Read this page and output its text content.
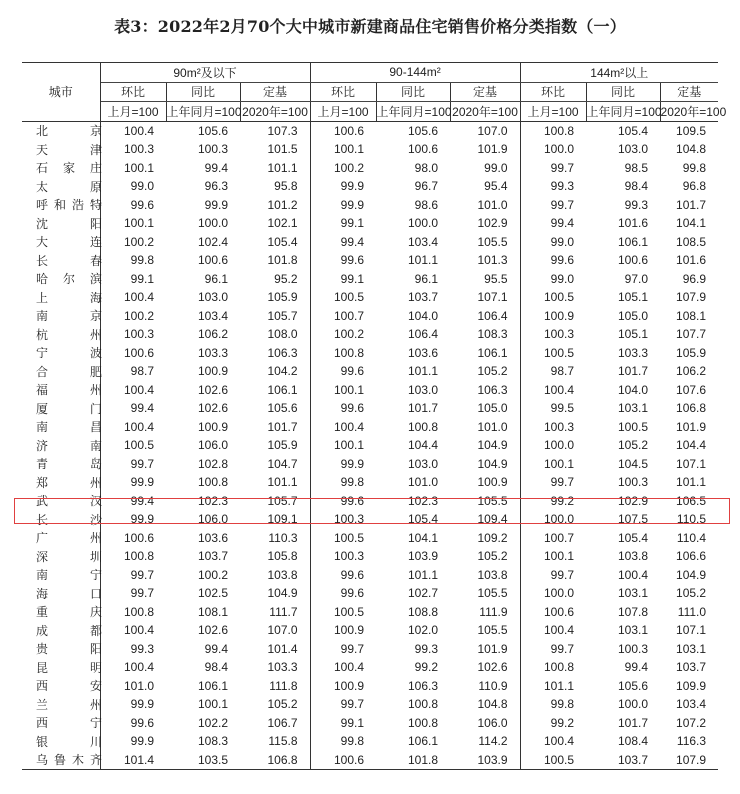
表3：2022年2月70个大中城市新建商品住宅销售价格分类指数（一）
城市	90m²及以下			90-144m²			144m²以上		
	环比	同比	定基	环比	同比	定基	环比	同比	定基
	上月=100	上年同月=100	2020年=100	上月=100	上年同月=100	2020年=100	上月=100	上年同月=100	2020年=100
北京	100.4	105.6	107.3	100.6	105.6	107.0	100.8	105.4	109.5
天津	100.3	100.3	101.5	100.1	100.6	101.9	100.0	103.0	104.8
石家庄	100.1	99.4	101.1	100.2	98.0	99.0	99.7	98.5	99.8
太原	99.0	96.3	95.8	99.9	96.7	95.4	99.3	98.4	96.8
呼和浩特	99.6	99.9	101.2	99.9	98.6	101.0	99.7	99.3	101.7
沈阳	100.1	100.0	102.1	99.1	100.0	102.9	99.4	101.6	104.1
大连	100.2	102.4	105.4	99.4	103.4	105.5	99.0	106.1	108.5
长春	99.8	100.6	101.8	99.6	101.1	101.3	99.6	100.6	101.6
哈尔滨	99.1	96.1	95.2	99.1	96.1	95.5	99.0	97.0	96.9
上海	100.4	103.0	105.9	100.5	103.7	107.1	100.5	105.1	107.9
南京	100.2	103.4	105.7	100.7	104.0	106.4	100.9	105.0	108.1
杭州	100.3	106.2	108.0	100.2	106.4	108.3	100.3	105.1	107.7
宁波	100.6	103.3	106.3	100.8	103.6	106.1	100.5	103.3	105.9
合肥	98.7	100.9	104.2	99.6	101.1	105.2	98.7	101.7	106.2
福州	100.4	102.6	106.1	100.1	103.0	106.3	100.4	104.0	107.6
厦门	99.4	102.6	105.6	99.6	101.7	105.0	99.5	103.1	106.8
南昌	100.4	100.9	101.7	100.4	100.8	101.0	100.3	100.5	101.9
济南	100.5	106.0	105.9	100.1	104.4	104.9	100.0	105.2	104.4
青岛	99.7	102.8	104.7	99.9	103.0	104.9	100.1	104.5	107.1
郑州	99.9	100.8	101.1	99.8	101.0	100.9	99.7	100.3	101.1
武汉	99.4	102.3	105.7	99.6	102.3	105.5	99.2	102.9	106.5
长沙	99.9	106.0	109.1	100.3	105.4	109.4	100.0	107.5	110.5
广州	100.6	103.6	110.3	100.5	104.1	109.2	100.7	105.4	110.4
深圳	100.8	103.7	105.8	100.3	103.9	105.2	100.1	103.8	106.6
南宁	99.7	100.2	103.8	99.6	101.1	103.8	99.7	100.4	104.9
海口	99.7	102.5	104.9	99.6	102.7	105.5	100.0	103.1	105.2
重庆	100.8	108.1	111.7	100.5	108.8	111.9	100.6	107.8	111.0
成都	100.4	102.6	107.0	100.9	102.0	105.5	100.4	103.1	107.1
贵阳	99.3	99.4	101.4	99.7	99.3	101.9	99.7	100.3	103.1
昆明	100.4	98.4	103.3	100.4	99.2	102.6	100.8	99.4	103.7
西安	101.0	106.1	111.8	100.9	106.3	110.9	101.1	105.6	109.9
兰州	99.9	100.1	105.2	99.7	100.8	104.8	99.8	100.0	103.4
西宁	99.6	102.2	106.7	99.1	100.8	106.0	99.2	101.7	107.2
银川	99.9	108.3	115.8	99.8	106.1	114.2	100.4	108.4	116.3
乌鲁木齐	101.4	103.5	106.8	100.6	101.8	103.9	100.5	103.7	107.9
